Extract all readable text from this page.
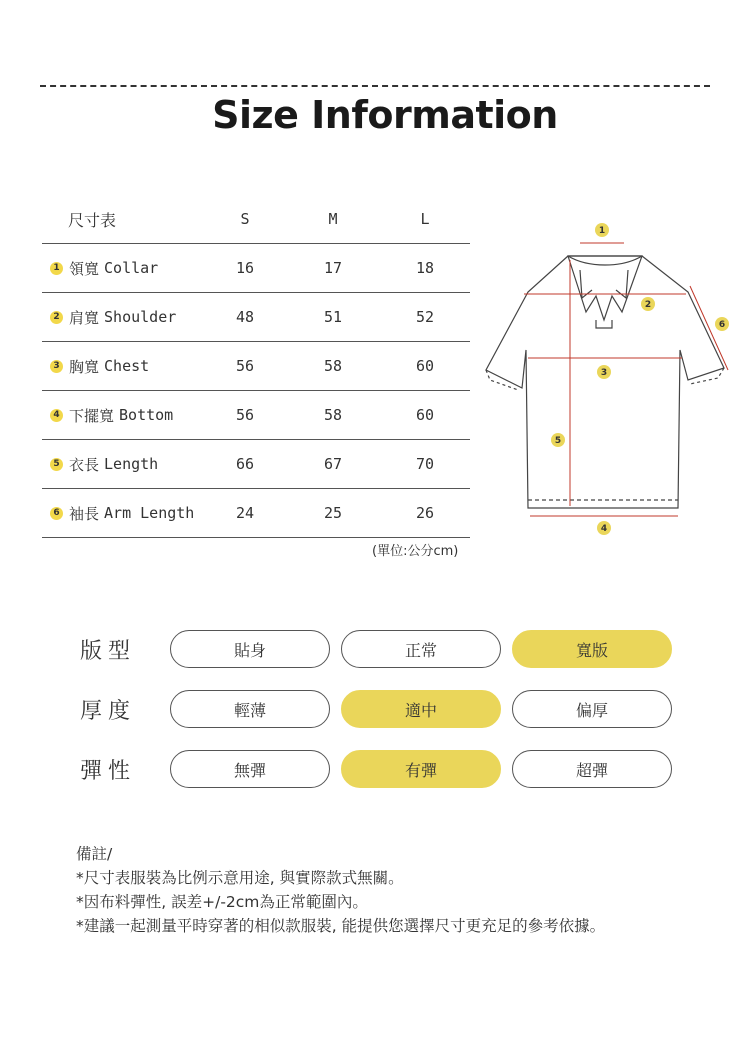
Size Information
尺寸表	S	M	L
1 領寬 Collar	16	17	18
2 肩寬 Shoulder	48	51	52
3 胸寬 Chest	56	58	60
4 下擺寬 Bottom	56	58	60
5 衣長 Length	66	67	70
6 袖長 Arm Length	24	25	26
(單位:公分cm)
1
2
3
4
5
6
版型	貼身	正常	寬版
厚度	輕薄	適中	偏厚
彈性	無彈	有彈	超彈
備註/
*尺寸表服裝為比例示意用途, 與實際款式無關。
*因布料彈性, 誤差+/-2cm為正常範圍內。
*建議一起測量平時穿著的相似款服裝, 能提供您選擇尺寸更充足的參考依據。
